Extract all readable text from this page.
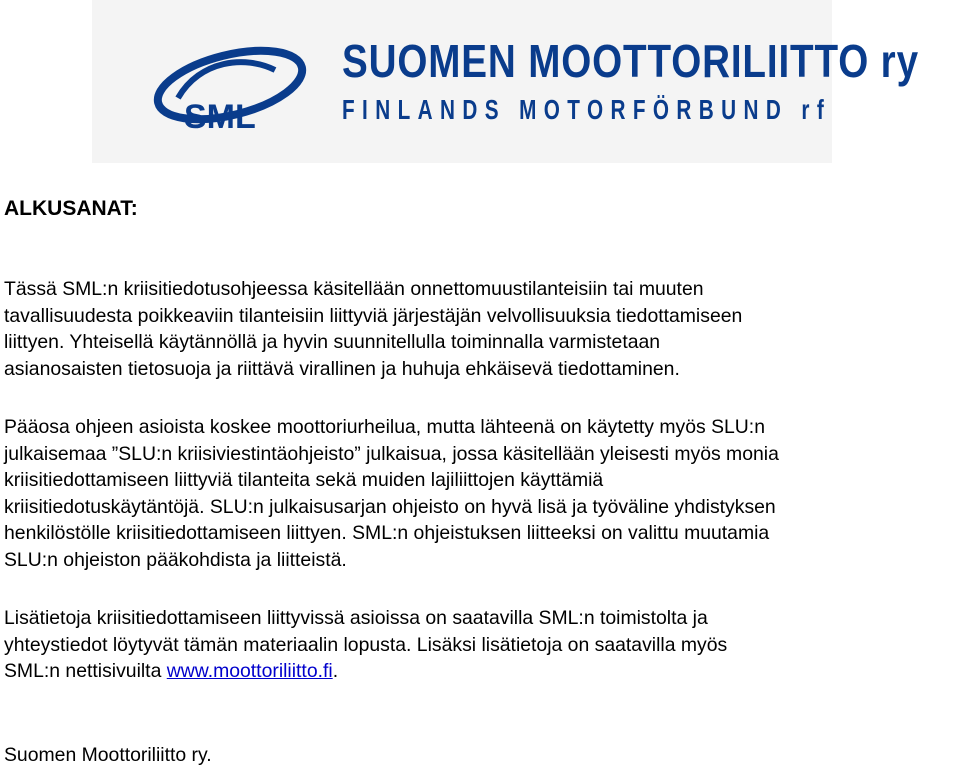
SML
SUOMEN MOOTTORILIITTO ry
FINLANDS MOTORFÖRBUND rf
ALKUSANAT:

Tässä SML:n kriisitiedotusohjeessa käsitellään onnettomuustilanteisiin tai muuten
tavallisuudesta poikkeaviin tilanteisiin liittyviä järjestäjän velvollisuuksia tiedottamiseen
liittyen. Yhteisellä käytännöllä ja hyvin suunnitellulla toiminnalla varmistetaan
asianosaisten tietosuoja ja riittävä virallinen ja huhuja ehkäisevä tiedottaminen.

Pääosa ohjeen asioista koskee moottoriurheilua, mutta lähteenä on käytetty myös SLU:n
julkaisemaa ”SLU:n kriisiviestintäohjeisto” julkaisua, jossa käsitellään yleisesti myös monia
kriisitiedottamiseen liittyviä tilanteita sekä muiden lajiliittojen käyttämiä
kriisitiedotuskäytäntöjä. SLU:n julkaisusarjan ohjeisto on hyvä lisä ja työväline yhdistyksen
henkilöstölle kriisitiedottamiseen liittyen. SML:n ohjeistuksen liitteeksi on valittu muutamia
SLU:n ohjeiston pääkohdista ja liitteistä.

Lisätietoja kriisitiedottamiseen liittyvissä asioissa on saatavilla SML:n toimistolta ja
yhteystiedot löytyvät tämän materiaalin lopusta. Lisäksi lisätietoja on saatavilla myös
SML:n nettisivuilta www.moottoriliitto.fi.

Suomen Moottoriliitto ry.
